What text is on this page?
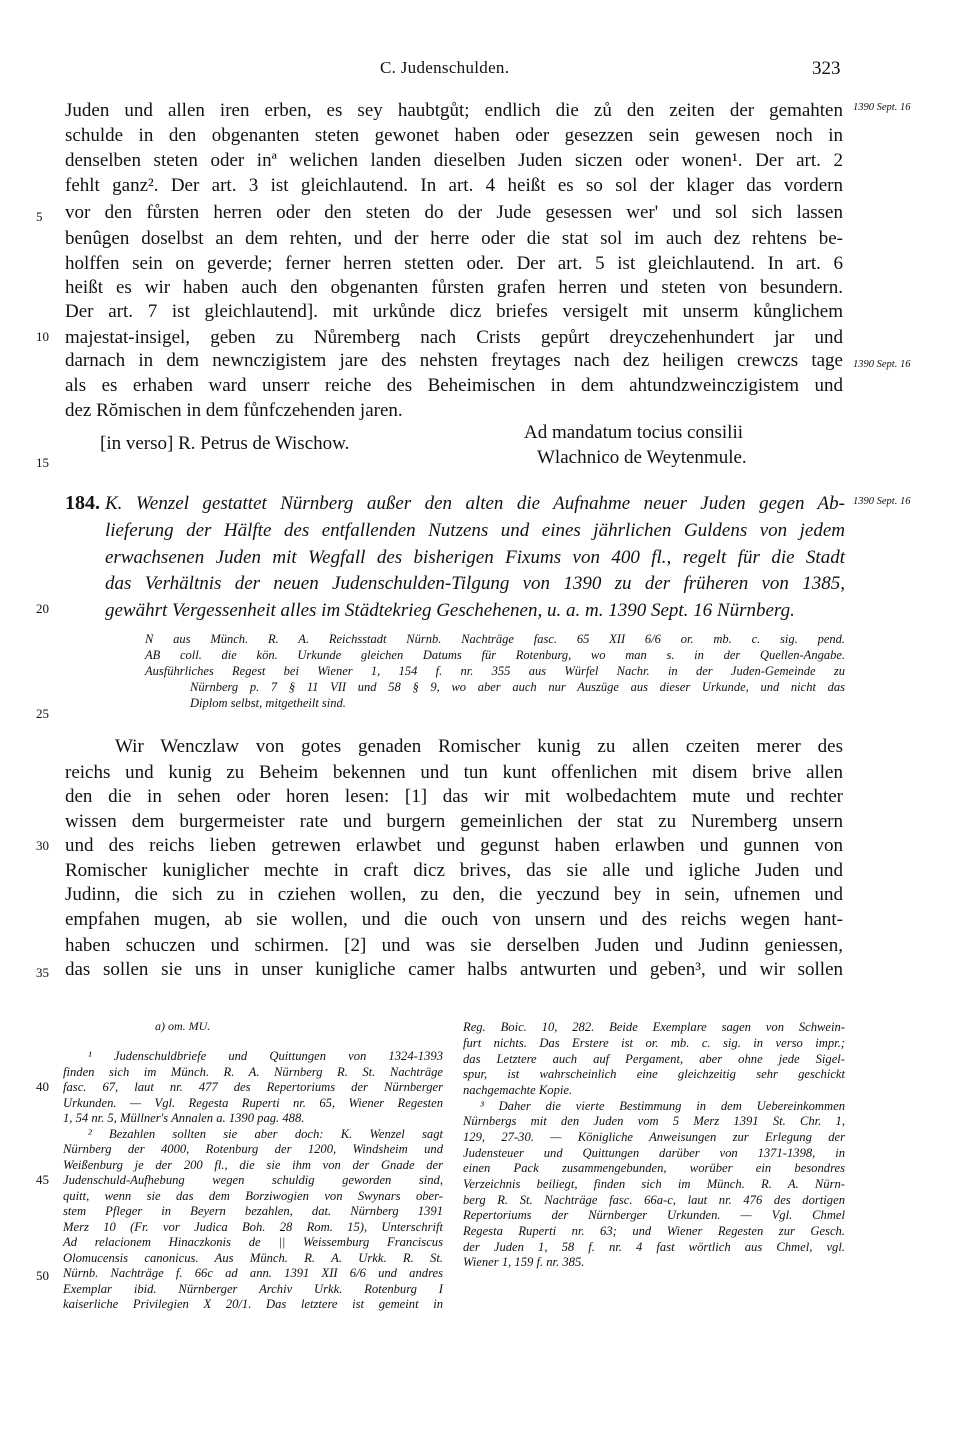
C. Judenschulden.	323
1390 Sept. 16
1390 Sept. 16
1390 Sept. 16
5
10
15
20
25
30
35
40
45
50
Juden und allen iren erben, es sey haubtgůt; endlich die zů den zeiten der gemahten
schulde in den obgenanten steten gewonet haben oder gesezzen sein gewesen noch in
denselben steten oder inª welichen landen dieselben Juden siczen oder wonen¹. Der art. 2
fehlt ganz². Der art. 3 ist gleichlautend. In art. 4 heißt es so sol der klager das vordern
vor den fůrsten herren oder den steten do der Jude gesessen wer' und sol sich lassen
benûgen doselbst an dem rehten, und der herre oder die stat sol im auch dez rehtens be-
holffen sein on geverde; ferner herren stetten oder. Der art. 5 ist gleichlautend. In art. 6
heißt es wir haben auch den obgenanten fůrsten grafen herren und steten von besundern.
Der art. 7 ist gleichlautend]. mit urkůnde dicz briefes versigelt mit unserm kůnglichem
majestat-insigel, geben zu Nůremberg nach Crists gepůrt dreyczehenhundert jar und
darnach in dem newnczigistem jare des nehsten freytages nach dez heiligen crewczs tage
als es erhaben ward unserr reiche des Beheimischen in dem ahtundzweinczigistem und
dez Rŏmischen in dem fůnfczehenden jaren.
[in verso] R. Petrus de Wischow.
Ad mandatum tocius consilii
Wlachnico de Weytenmule.
184. K. Wenzel gestattet Nürnberg außer den alten die Aufnahme neuer Juden gegen Ab-
lieferung der Hälfte des entfallenden Nutzens und eines jährlichen Guldens von jedem
erwachsenen Juden mit Wegfall des bisherigen Fixums von 400 fl., regelt für die Stadt
das Verhältnis der neuen Judenschulden-Tilgung von 1390 zu der früheren von 1385,
gewährt Vergessenheit alles im Städtekrieg Geschehenen, u. a. m. 1390 Sept. 16 Nürnberg.
N aus Münch. R. A. Reichsstadt Nürnb. Nachträge fasc. 65 XII 6/6 or. mb. c. sig. pend.
AB coll. die kön. Urkunde gleichen Datums für Rotenburg, wo man s. in der Quellen-Angabe.
Ausführliches Regest bei Wiener 1, 154 f. nr. 355 aus Würfel Nachr. in der Juden-Gemeinde zu
Nürnberg p. 7 § 11 VII und 58 § 9, wo aber auch nur Auszüge aus dieser Urkunde, und nicht das
Diplom selbst, mitgetheilt sind.
Wir Wenczlaw von gotes genaden Romischer kunig zu allen czeiten merer des
reichs und kunig zu Beheim bekennen und tun kunt offenlichen mit disem brive allen
den die in sehen oder horen lesen: [1] das wir mit wolbedachtem mute und rechter
wissen dem burgermeister rate und burgern gemeinlichen der stat zu Nuremberg unsern
und des reichs lieben getrewen erlawbet und gegunst haben erlawben und gunnen von
Romischer kuniglicher mechte in craft dicz brives, das sie alle und igliche Juden und
Judinn, die sich zu in cziehen wollen, zu den, die yeczund bey in sein, ufnemen und
empfahen mugen, ab sie wollen, und die ouch von unsern und des reichs wegen hant-
haben schuczen und schirmen. [2] und was sie derselben Juden und Judinn geniessen,
das sollen sie uns in unser kunigliche camer halbs antwurten und geben³, und wir sollen
a) om. MU.
¹ Judenschuldbriefe und Quittungen von 1324-1393
finden sich im Münch. R. A. Nürnberg R. St. Nachträge
fasc. 67, laut nr. 477 des Repertoriums der Nürnberger
Urkunden. — Vgl. Regesta Ruperti nr. 65, Wiener Regesten
1, 54 nr. 5, Müllner's Annalen a. 1390 pag. 488.
² Bezahlen sollten sie aber doch: K. Wenzel sagt
Nürnberg der 4000, Rotenburg der 1200, Windsheim und
Weißenburg je der 200 fl., die sie ihm von der Gnade der
Judenschuld-Aufhebung wegen schuldig geworden sind,
quitt, wenn sie das dem Borziwogien von Swynars ober-
stem Pfleger in Beyern bezahlen, dat. Nürnberg 1391
Merz 10 (Fr. vor Judica Boh. 28 Rom. 15), Unterschrift
Ad relacionem Hinaczkonis de || Weissemburg Franciscus
Olomucensis canonicus. Aus Münch. R. A. Urkk. R. St.
Nürnb. Nachträge f. 66c ad ann. 1391 XII 6/6 und andres
Exemplar ibid. Nürnberger Archiv Urkk. Rotenburg I
kaiserliche Privilegien X 20/1. Das letztere ist gemeint in
Reg. Boic. 10, 282. Beide Exemplare sagen von Schwein-
furt nichts. Das Erstere ist or. mb. c. sig. in verso impr.;
das Letztere auch auf Pergament, aber ohne jede Sigel-
spur, ist wahrscheinlich eine gleichzeitig sehr geschickt
nachgemachte Kopie.
³ Daher die vierte Bestimmung in dem Uebereinkommen
Nürnbergs mit den Juden vom 5 Merz 1391 St. Chr. 1,
129, 27-30. — Königliche Anweisungen zur Erlegung der
Judensteuer und Quittungen darüber von 1371-1398, in
einen Pack zusammengebunden, worüber ein besondres
Verzeichnis beiliegt, finden sich im Münch. R. A. Nürn-
berg R. St. Nachträge fasc. 66a-c, laut nr. 476 des dortigen
Repertoriums der Nürnberger Urkunden. — Vgl. Chmel
Regesta Ruperti nr. 63; und Wiener Regesten zur Gesch.
der Juden 1, 58 f. nr. 4 fast wörtlich aus Chmel, vgl.
Wiener 1, 159 f. nr. 385.
